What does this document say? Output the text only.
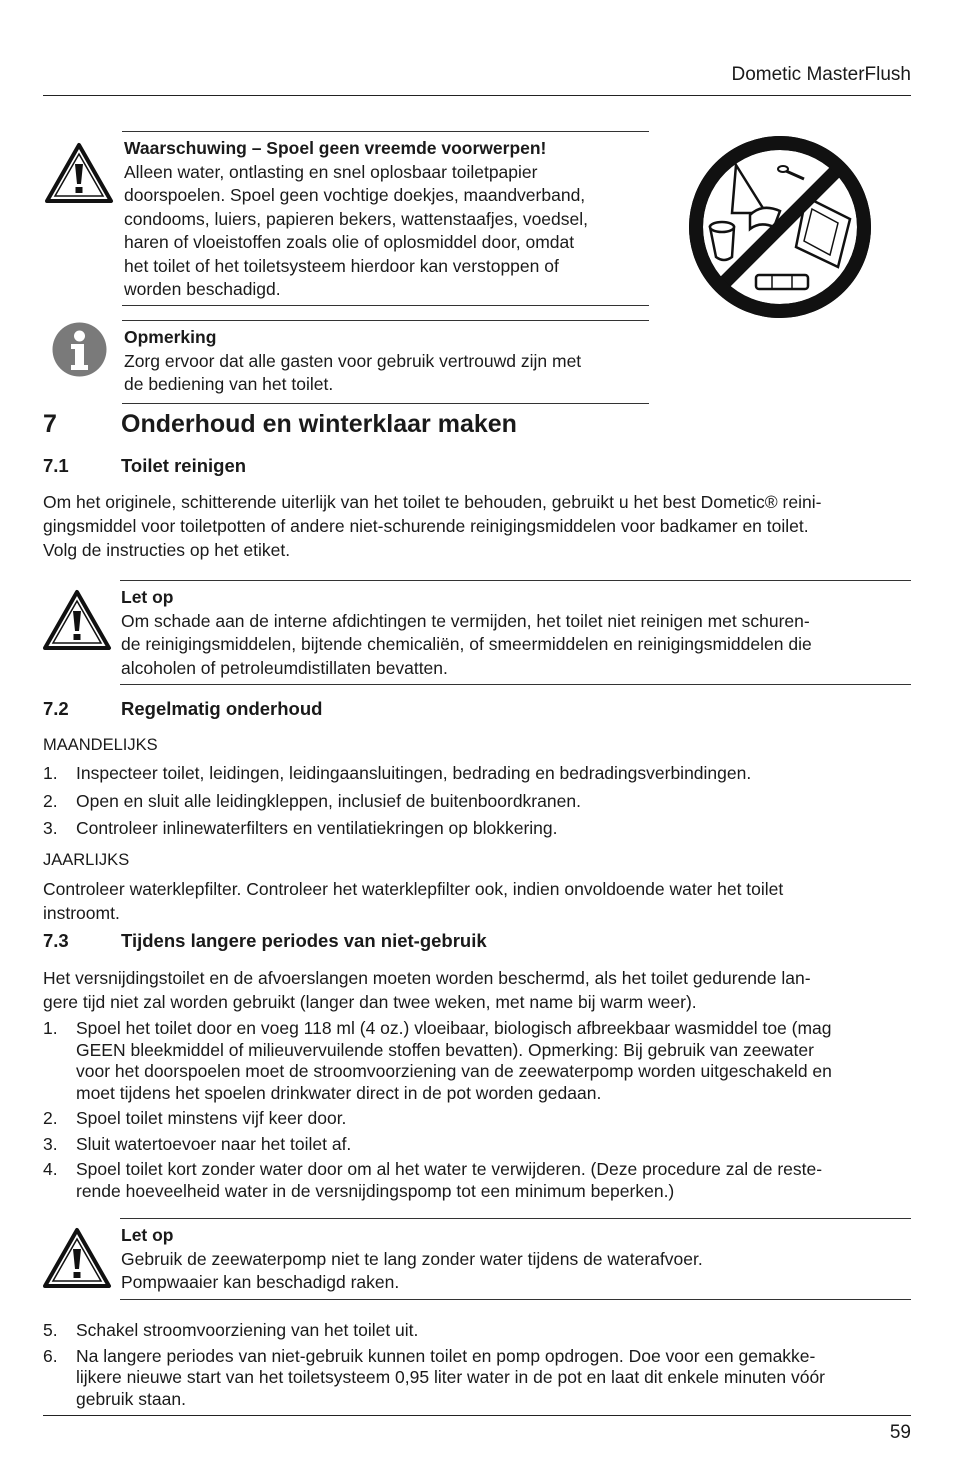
Dometic MasterFlush
Waarschuwing – Spoel geen vreemde voorwerpen!
Alleen water, ontlasting en snel oplosbaar toiletpapier
doorspoelen. Spoel geen vochtige doekjes, maandverband,
condooms, luiers, papieren bekers, wattenstaafjes, voedsel,
haren of vloeistoffen zoals olie of oplosmiddel door, omdat
het toilet of het toiletsysteem hierdoor kan verstoppen of
worden beschadigd.
Opmerking
Zorg ervoor dat alle gasten voor gebruik vertrouwd zijn met
de bediening van het toilet.
7	Onderhoud en winterklaar maken
7.1	Toilet reinigen
Om het originele, schitterende uiterlijk van het toilet te behouden, gebruikt u het best Dometic® reini-
gingsmiddel voor toiletpotten of andere niet-schurende reinigingsmiddelen voor badkamer en toilet.
Volg de instructies op het etiket.
Let op
Om schade aan de interne afdichtingen te vermijden, het toilet niet reinigen met schuren-
de reinigingsmiddelen, bijtende chemicaliën, of smeermiddelen en reinigingsmiddelen die
alcoholen of petroleumdistillaten bevatten.
7.2	Regelmatig onderhoud
MAANDELIJKS
1.	Inspecteer toilet, leidingen, leidingaansluitingen, bedrading en bedradingsverbindingen.
2.	Open en sluit alle leidingkleppen, inclusief de buitenboordkranen.
3.	Controleer inlinewaterfilters en ventilatiekringen op blokkering.
JAARLIJKS
Controleer waterklepfilter. Controleer het waterklepfilter ook, indien onvoldoende water het toilet
instroomt.
7.3	Tijdens langere periodes van niet-gebruik
Het versnijdingstoilet en de afvoerslangen moeten worden beschermd, als het toilet gedurende lan-
gere tijd niet zal worden gebruikt (langer dan twee weken, met name bij warm weer).
1.	Spoel het toilet door en voeg 118 ml (4 oz.) vloeibaar, biologisch afbreekbaar wasmiddel toe (mag
GEEN bleekmiddel of milieuvervuilende stoffen bevatten). Opmerking: Bij gebruik van zeewater
voor het doorspoelen moet de stroomvoorziening van de zeewaterpomp worden uitgeschakeld en
moet tijdens het spoelen drinkwater direct in de pot worden gedaan.
2.	Spoel toilet minstens vijf keer door.
3.	Sluit watertoevoer naar het toilet af.
4.	Spoel toilet kort zonder water door om al het water te verwijderen. (Deze procedure zal de reste-
rende hoeveelheid water in de versnijdingspomp tot een minimum beperken.)
Let op
Gebruik de zeewaterpomp niet te lang zonder water tijdens de waterafvoer.
Pompwaaier kan beschadigd raken.
5.	Schakel stroomvoorziening van het toilet uit.
6.	Na langere periodes van niet-gebruik kunnen toilet en pomp opdrogen. Doe voor een gemakke-
lijkere nieuwe start van het toiletsysteem 0,95 liter water in de pot en laat dit enkele minuten vóór
gebruik staan.
59
